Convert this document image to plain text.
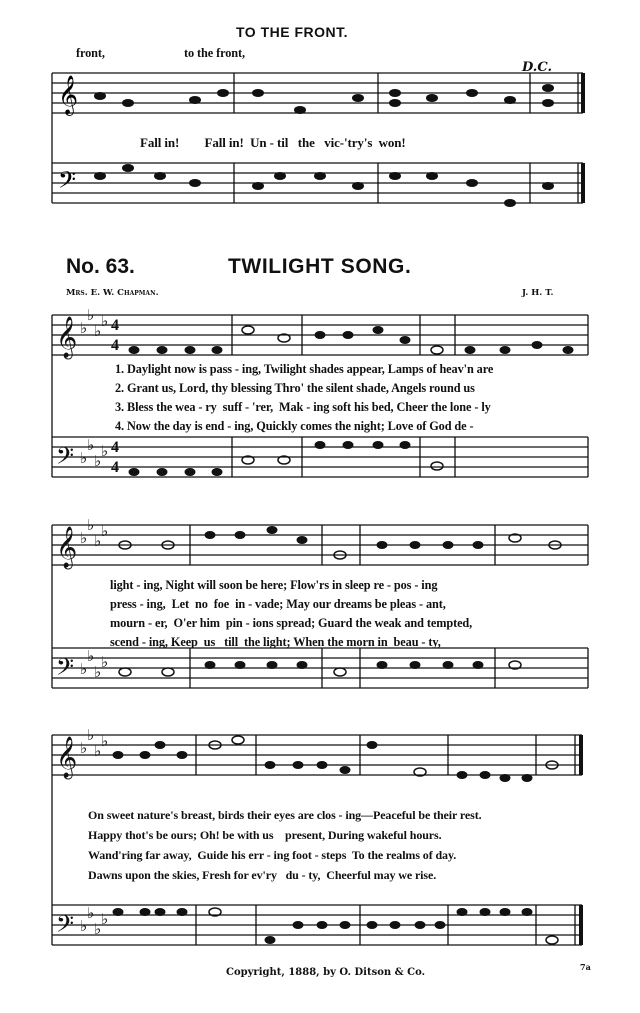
TO THE FRONT.
front,	to the front,
D.C.
Fall in!        Fall in!  Un - til   the   vic-'try's  won!
𝄞
𝄢
No. 63.	TWILIGHT SONG.
Mrs. E. W. Chapman.	J. H. T.
𝄞
𝄢
𝄞
𝄢
𝄞
𝄢
♭
♭
♭
♭
♭
♭
♭
♭
♭
♭
♭
♭
♭
♭
♭
♭
♭
♭
♭
♭
♭
♭
♭
♭
4
4
4
4
1. Daylight now is pass - ing, Twilight shades appear, Lamps of heav'n are
2. Grant us, Lord, thy blessing Thro' the silent shade, Angels round us
3. Bless the wea - ry  suff - 'rer,  Mak - ing soft his bed, Cheer the lone - ly
4. Now the day is end - ing, Quickly comes the night; Love of God de -
light - ing, Night will soon be here; Flow'rs in sleep re - pos - ing
press - ing,  Let  no  foe  in - vade; May our dreams be pleas - ant,
mourn - er,  O'er him  pin - ions spread; Guard the weak and tempted,
scend - ing, Keep  us   till  the light; When the morn in  beau - ty,
On sweet nature's breast, birds their eyes are clos - ing—Peaceful be their rest.
Happy thot's be ours; Oh! be with us    present, During wakeful hours.
Wand'ring far away,  Guide his err - ing foot - steps  To the realms of day.
Dawns upon the skies, Fresh for ev'ry   du - ty,  Cheerful may we rise.
Copyright, 1888, by O. Ditson & Co.	7a
